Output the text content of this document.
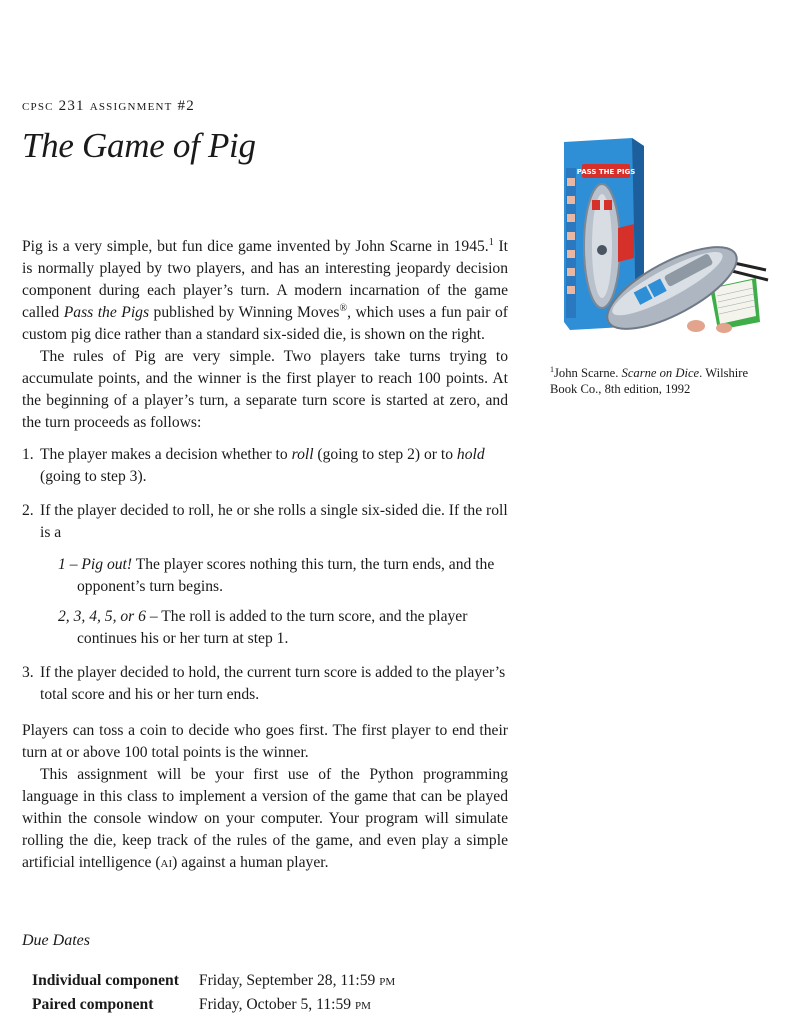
cpsc 231 assignment #2
The Game of Pig

Pig is a very simple, but fun dice game invented by John Scarne in 1945.$^1$ It is normally played by two players, and has an interesting jeopardy decision component during each player’s turn. A modern incarnation of the game called Pass the Pigs published by Winning Moves®, which uses a fun pair of custom pig dice rather than a standard six-sided die, is shown on the right.

The rules of Pig are very simple. Two players take turns trying to accumulate points, and the winner is the first player to reach 100 points. At the beginning of a player’s turn, a separate turn score is started at zero, and the turn proceeds as follows:

1. The player makes a decision whether to roll (going to step 2) or to hold (going to step 3).
2. If the player decided to roll, he or she rolls a single six-sided die. If the roll is a
1 – Pig out! The player scores nothing this turn, the turn ends, and the opponent’s turn begins.
2, 3, 4, 5, or 6 – The roll is added to the turn score, and the player continues his or her turn at step 1.
3. If the player decided to hold, the current turn score is added to the player’s total score and his or her turn ends.

Players can toss a coin to decide who goes first. The first player to end their turn at or above 100 total points is the winner.

This assignment will be your first use of the Python programming language in this class to implement a version of the game that can be played within the console window on your computer. Your program will simulate rolling the die, keep track of the rules of the game, and even play a simple artificial intelligence (ai) against a human player.

Due Dates
Individual component	Friday, September 28, 11:59 pm
Paired component	Friday, October 5, 11:59 pm
PASS THE PIGS
$^1$John Scarne. Scarne on Dice. Wilshire Book Co., 8th edition, 1992
